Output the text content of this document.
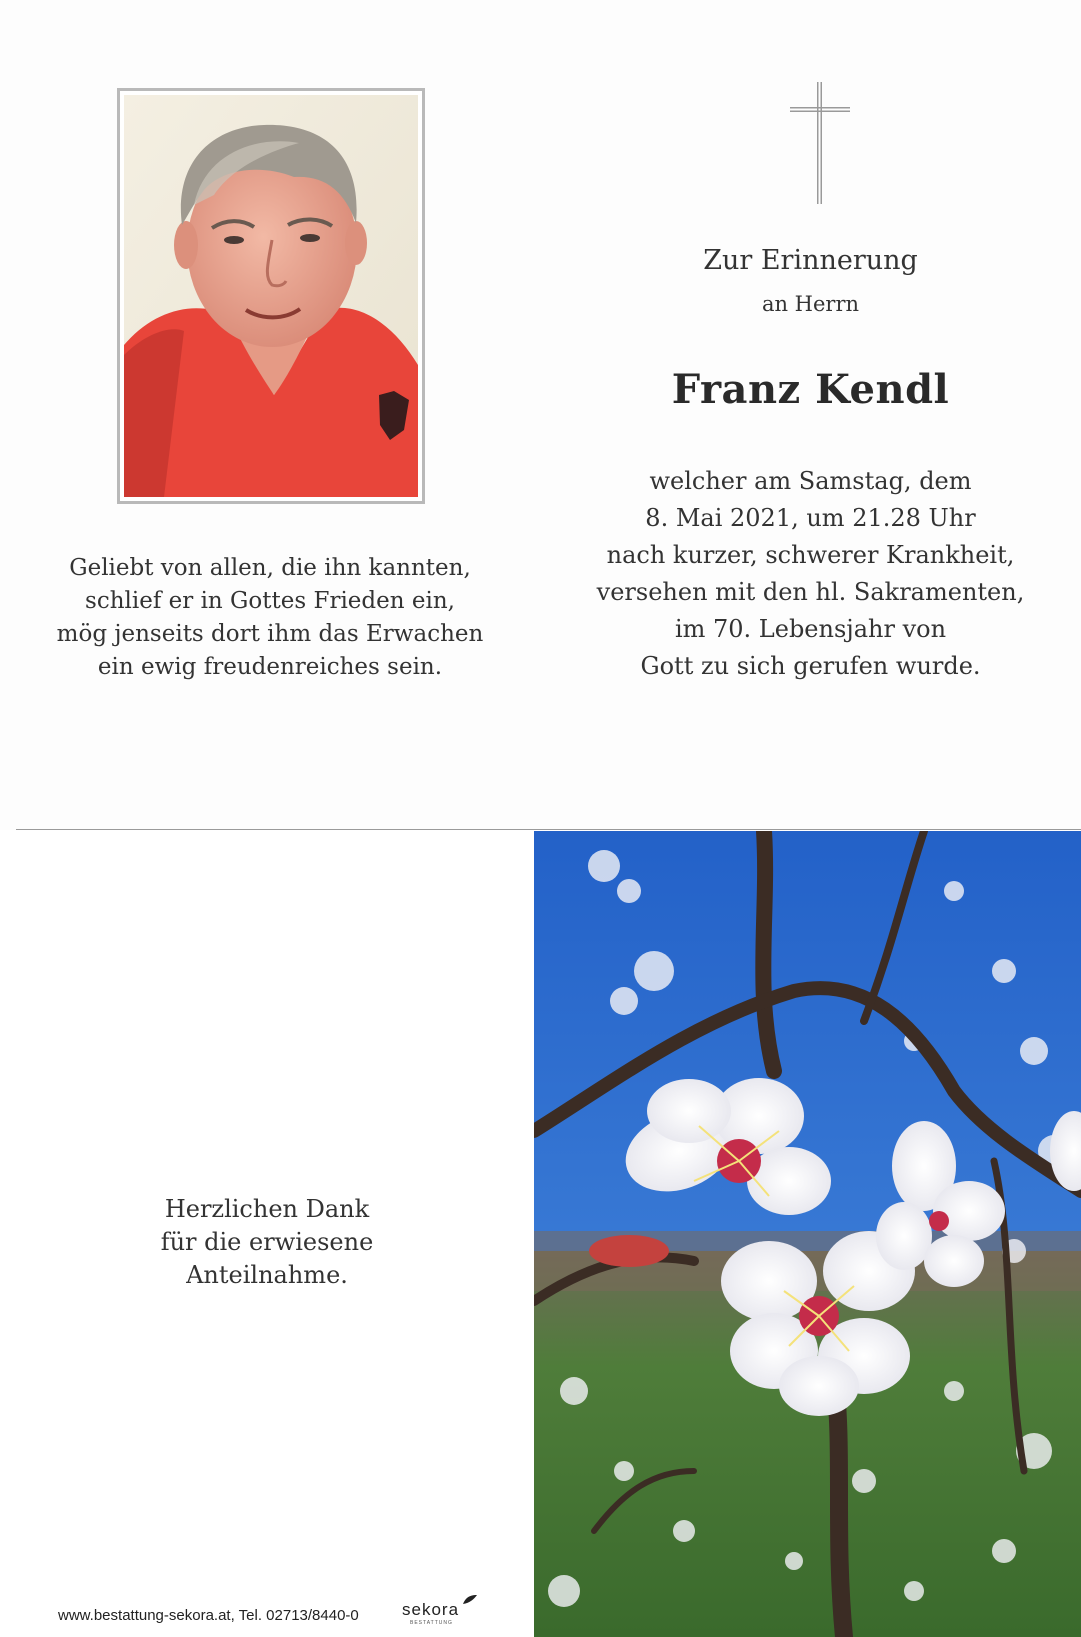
Geliebt von allen, die ihn kannten,
schlief er in Gottes Frieden ein,
mög jenseits dort ihm das Erwachen
ein ewig freudenreiches sein.
Zur Erinnerung
an Herrn
Franz Kendl
welcher am Samstag, dem
8. Mai 2021, um 21.28 Uhr
nach kurzer, schwerer Krankheit,
versehen mit den hl. Sakramenten,
im 70. Lebensjahr von
Gott zu sich gerufen wurde.
Herzlichen Dank
für die erwiesene
Anteilnahme.
www.bestattung-sekora.at, Tel. 02713/8440-0	sekora
BESTATTUNG
